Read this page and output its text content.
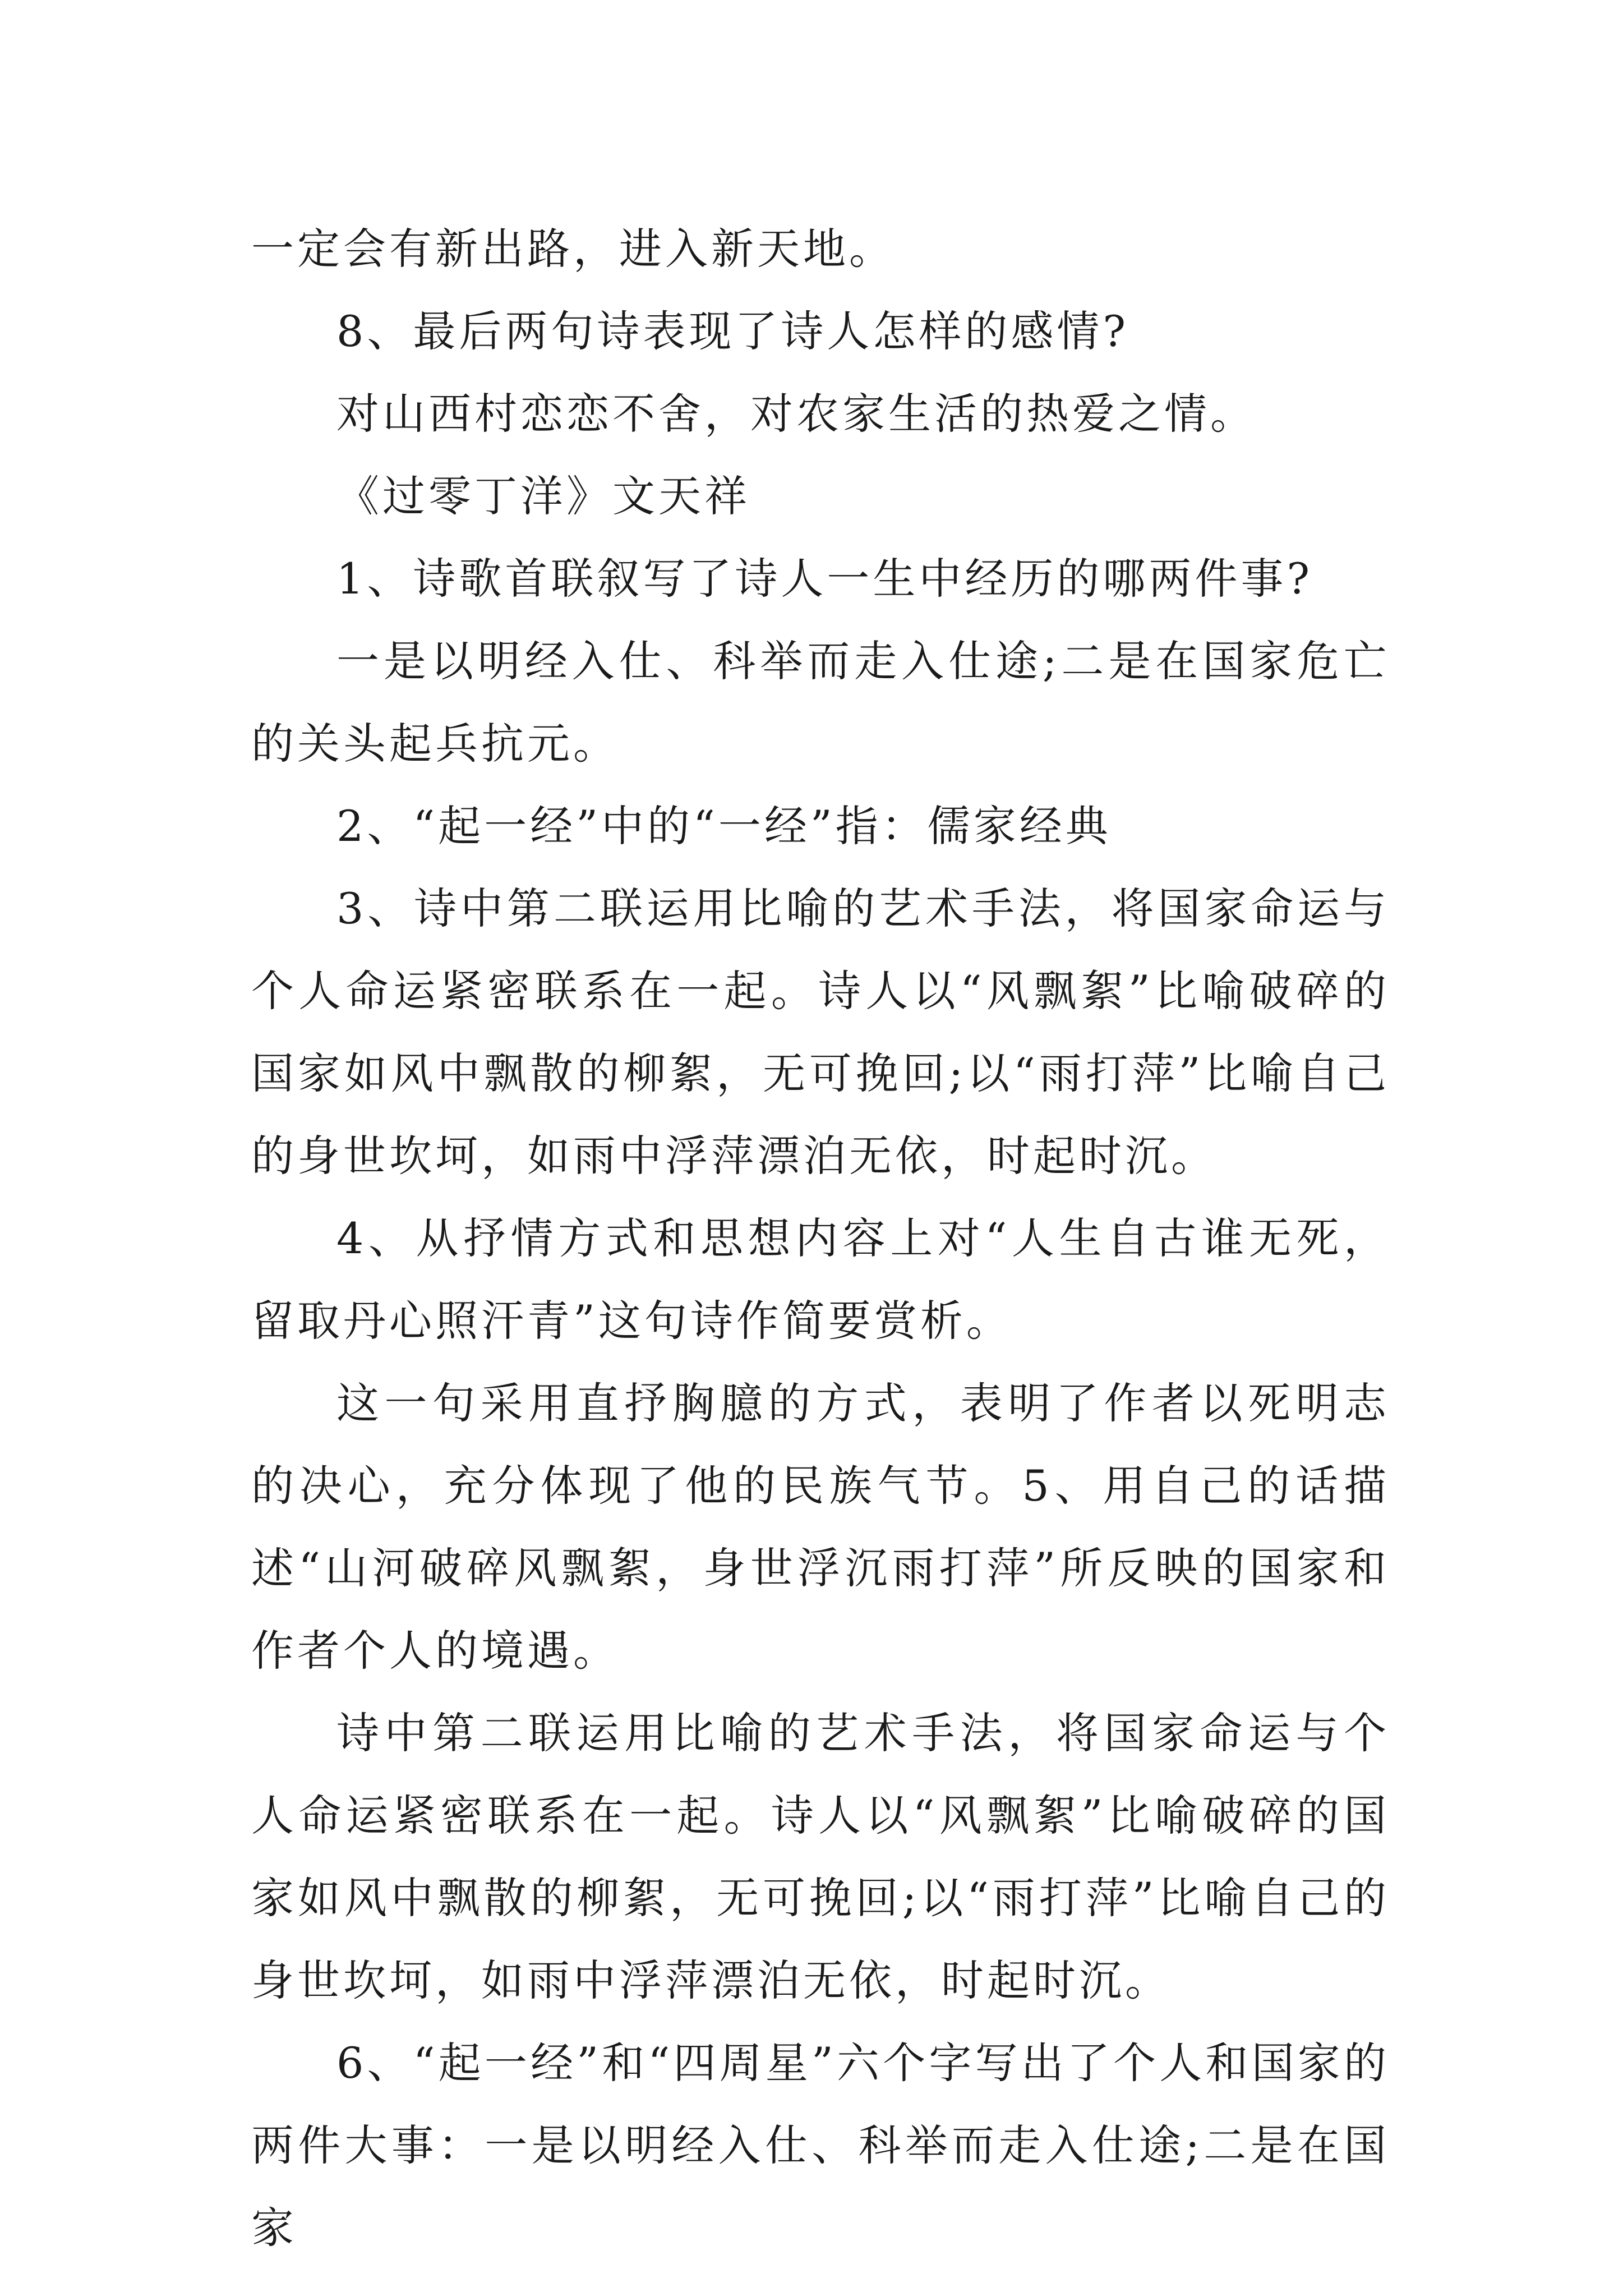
一定会有新出路，进入新天地。

8、最后两句诗表现了诗人怎样的感情?

对山西村恋恋不舍，对农家生活的热爱之情。

《过零丁洋》文天祥

1、诗歌首联叙写了诗人一生中经历的哪两件事?

一是以明经入仕、科举而走入仕途;二是在国家危亡的关头起兵抗元。

2、“起一经”中的“一经”指：儒家经典

3、诗中第二联运用比喻的艺术手法，将国家命运与个人命运紧密联系在一起。诗人以“风飘絮”比喻破碎的国家如风中飘散的柳絮，无可挽回;以“雨打萍”比喻自己的身世坎坷，如雨中浮萍漂泊无依，时起时沉。

4、从抒情方式和思想内容上对“人生自古谁无死，留取丹心照汗青”这句诗作简要赏析。

这一句采用直抒胸臆的方式，表明了作者以死明志的决心，充分体现了他的民族气节。5、用自己的话描述“山河破碎风飘絮，身世浮沉雨打萍”所反映的国家和作者个人的境遇。

诗中第二联运用比喻的艺术手法，将国家命运与个人命运紧密联系在一起。诗人以“风飘絮”比喻破碎的国家如风中飘散的柳絮，无可挽回;以“雨打萍”比喻自己的身世坎坷，如雨中浮萍漂泊无依，时起时沉。

6、“起一经”和“四周星”六个字写出了个人和国家的两件大事：一是以明经入仕、科举而走入仕途;二是在国家
